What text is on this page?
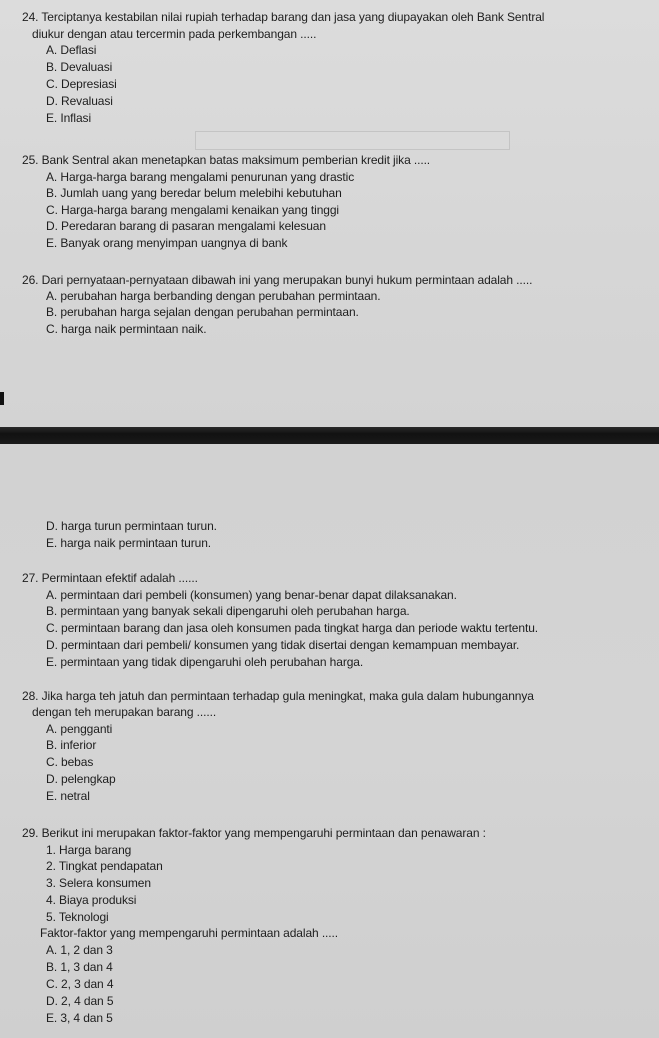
24. Terciptanya kestabilan nilai rupiah terhadap barang dan jasa yang diupayakan oleh Bank Sentral
diukur dengan atau tercermin pada perkembangan .....
A. Deflasi
B. Devaluasi
C. Depresiasi
D. Revaluasi
E. Inflasi
25. Bank Sentral akan menetapkan batas maksimum pemberian kredit jika .....
A. Harga-harga barang mengalami penurunan yang drastic
B. Jumlah uang yang beredar belum melebihi kebutuhan
C. Harga-harga barang mengalami kenaikan yang tinggi
D. Peredaran barang di pasaran mengalami kelesuan
E. Banyak orang menyimpan uangnya di bank
26. Dari pernyataan-pernyataan dibawah ini yang merupakan bunyi hukum permintaan adalah .....
A. perubahan harga berbanding dengan perubahan permintaan.
B. perubahan harga sejalan dengan perubahan permintaan.
C. harga naik permintaan naik.
D. harga turun permintaan turun.
E. harga naik permintaan turun.
27. Permintaan efektif adalah ......
A. permintaan dari pembeli (konsumen) yang benar-benar dapat dilaksanakan.
B. permintaan yang banyak sekali dipengaruhi oleh perubahan harga.
C. permintaan barang dan jasa oleh konsumen pada tingkat harga dan periode waktu tertentu.
D. permintaan dari pembeli/ konsumen yang tidak disertai dengan kemampuan membayar.
E. permintaan yang tidak dipengaruhi oleh perubahan harga.
28. Jika harga teh jatuh dan permintaan terhadap gula meningkat, maka gula dalam hubungannya
dengan teh merupakan barang ......
A. pengganti
B. inferior
C. bebas
D. pelengkap
E. netral
29. Berikut ini merupakan faktor-faktor yang mempengaruhi permintaan dan penawaran :
1. Harga barang
2. Tingkat pendapatan
3. Selera konsumen
4. Biaya produksi
5. Teknologi
Faktor-faktor yang mempengaruhi permintaan adalah .....
A. 1, 2 dan 3
B. 1, 3 dan 4
C. 2, 3 dan 4
D. 2, 4 dan 5
E. 3, 4 dan 5
